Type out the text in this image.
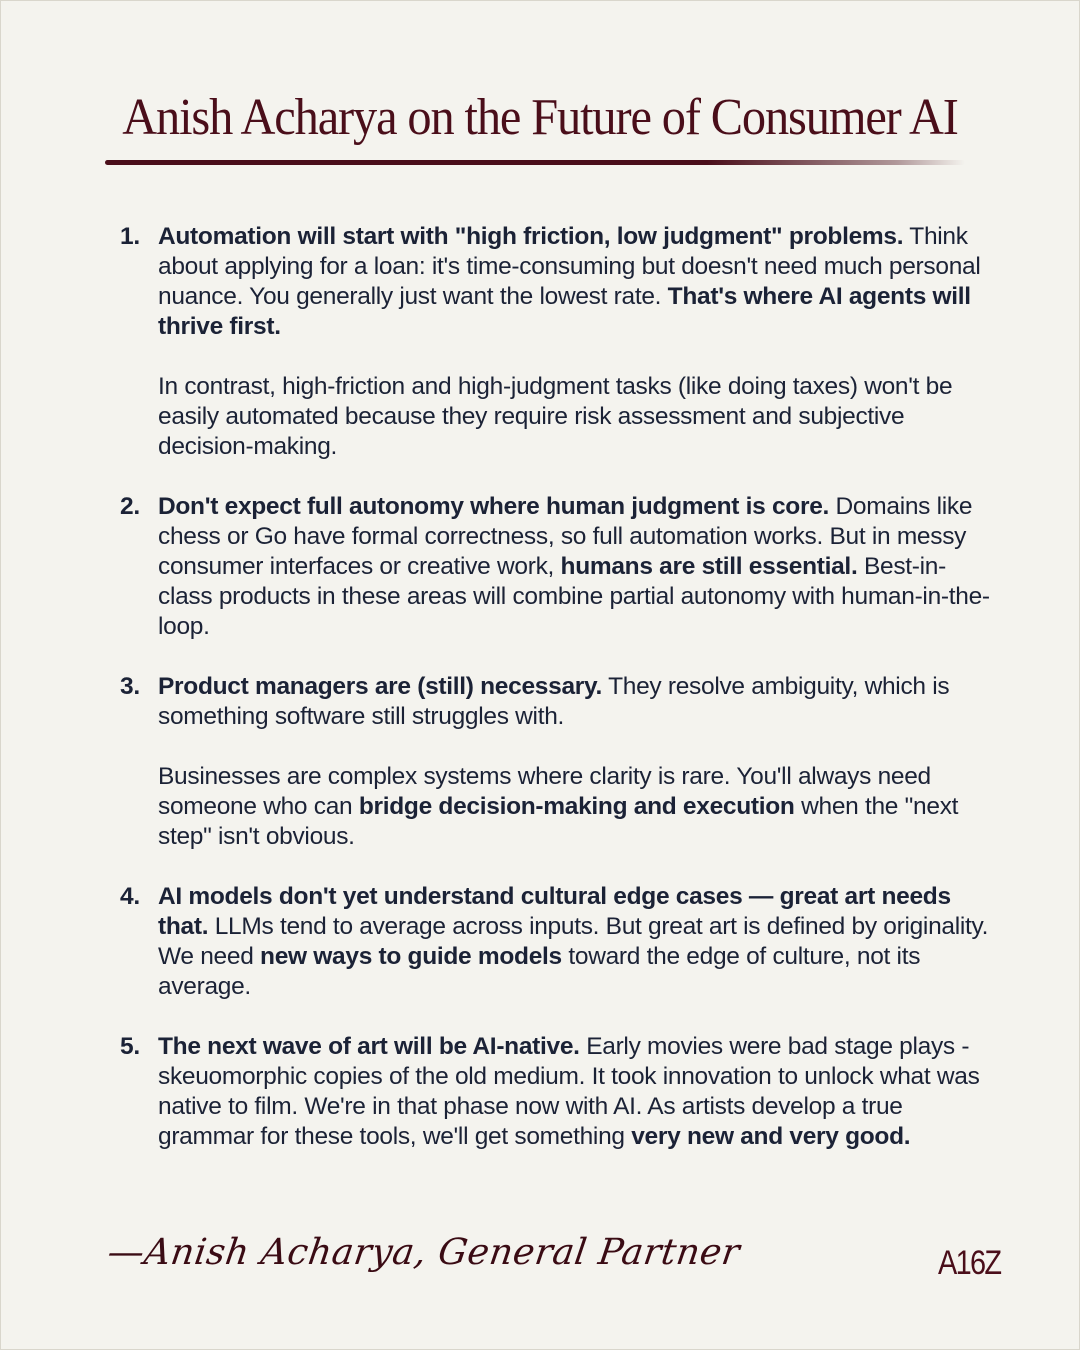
Anish Acharya on the Future of Consumer AI
1. Automation will start with "high friction, low judgment" problems. Think about applying for a loan: it's time-consuming but doesn't need much personal nuance. You generally just want the lowest rate. That's where AI agents will thrive first.

In contrast, high-friction and high-judgment tasks (like doing taxes) won't be easily automated because they require risk assessment and subjective decision-making.

2. Don't expect full autonomy where human judgment is core. Domains like chess or Go have formal correctness, so full automation works. But in messy consumer interfaces or creative work, humans are still essential. Best-in-class products in these areas will combine partial autonomy with human-in-the-loop.

3. Product managers are (still) necessary. They resolve ambiguity, which is something software still struggles with.

Businesses are complex systems where clarity is rare. You'll always need someone who can bridge decision-making and execution when the "next step" isn't obvious.

4. AI models don't yet understand cultural edge cases — great art needs that. LLMs tend to average across inputs. But great art is defined by originality. We need new ways to guide models toward the edge of culture, not its average.

5. The next wave of art will be AI-native. Early movies were bad stage plays - skeuomorphic copies of the old medium. It took innovation to unlock what was native to film. We're in that phase now with AI. As artists develop a true grammar for these tools, we'll get something very new and very good.

—Anish Acharya, General Partner	A16Z
